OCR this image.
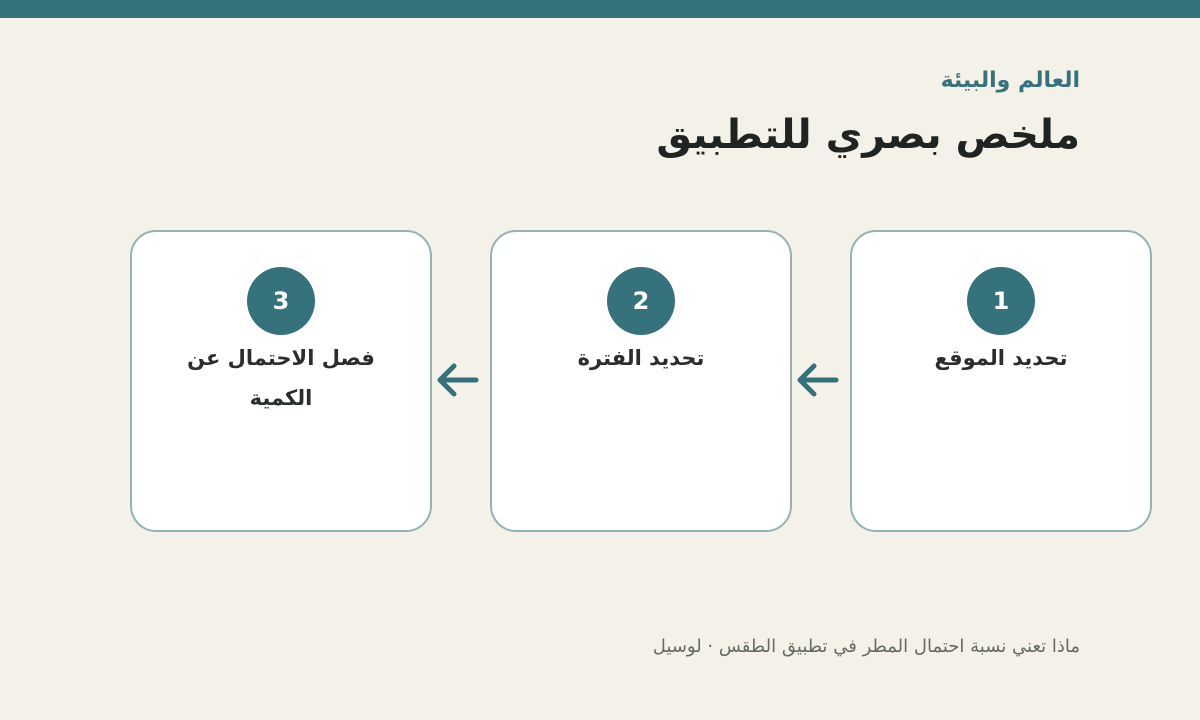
العالم والبيئة
ملخص بصري للتطبيق
1
تحديد الموقع
2
تحديد الفترة
3
فصل الاحتمال عن الكمية
ماذا تعني نسبة احتمال المطر في تطبيق الطقس · لوسيل
